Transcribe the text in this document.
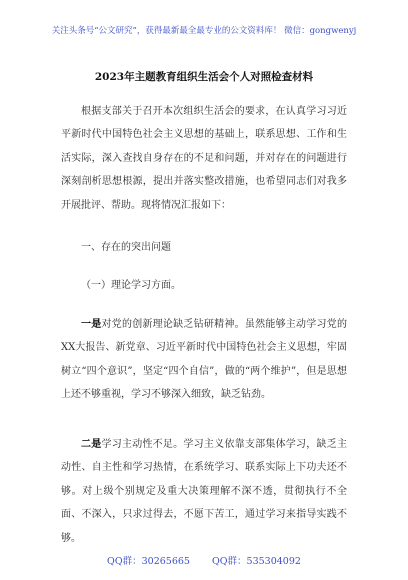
关注头条号“公文研究”，获得最新最全最专业的公文资料库！ 微信：gongwenyj
2023年主题教育组织生活会个人对照检查材料

根据支部关于召开本次组织生活会的要求，在认真学习习近平新时代中国特色社会主义思想的基础上，联系思想、工作和生活实际，深入查找自身存在的不足和问题，并对存在的问题进行深刻剖析思想根源，提出并落实整改措施，也希望同志们对我多开展批评、帮助。现将情况汇报如下：

一、存在的突出问题

（一）理论学习方面。

一是对党的创新理论缺乏钻研精神。虽然能够主动学习党的XX大报告、新党章、习近平新时代中国特色社会主义思想，牢固树立“四个意识”，坚定“四个自信”，做的“两个维护”，但是思想上还不够重视，学习不够深入细致，缺乏钻劲。

二是学习主动性不足。学习主义依靠支部集体学习，缺乏主动性、自主性和学习热情，在系统学习、联系实际上下功夫还不够。对上级个别规定及重大决策理解不深不透，贯彻执行不全面、不深入，只求过得去，不愿下苦工，通过学习来指导实践不够。

QQ群：30265665 QQ群：535304092
